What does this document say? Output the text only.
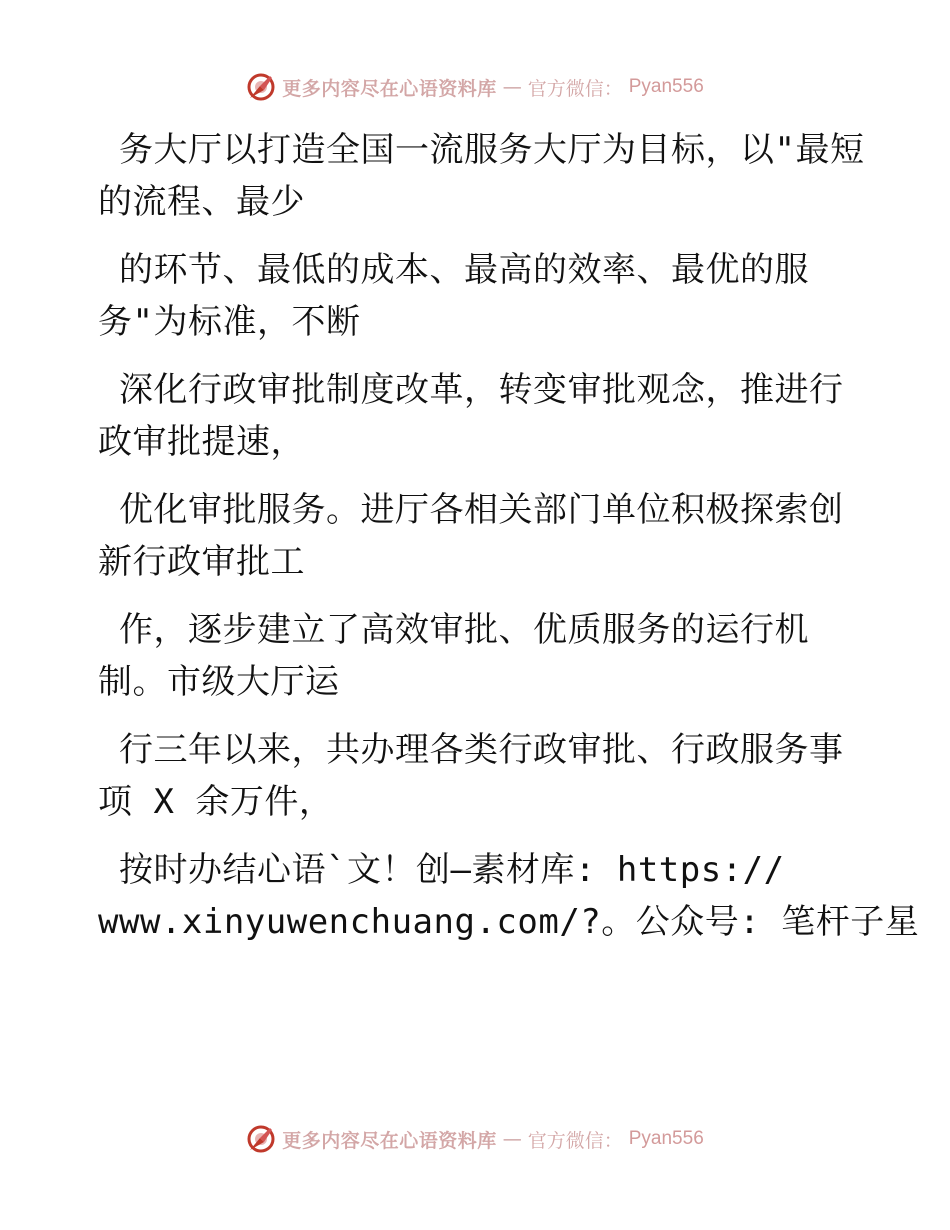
更多内容尽在心语资料库 — 官方微信： Pyan556
务大厅以打造全国一流服务大厅为目标，以"最短
的流程、最少
的环节、最低的成本、最高的效率、最优的服
务"为标准，不断
深化行政审批制度改革，转变审批观念，推进行
政审批提速，
优化审批服务。进厅各相关部门单位积极探索创
新行政审批工
作，逐步建立了高效审批、优质服务的运行机
制。市级大厅运
行三年以来，共办理各类行政审批、行政服务事
项 X 余万件，
按时办结心语`文！创—素材库: https://
www.xinyuwenchuang.com/?。公众号: 笔杆子星
更多内容尽在心语资料库 — 官方微信： Pyan556
